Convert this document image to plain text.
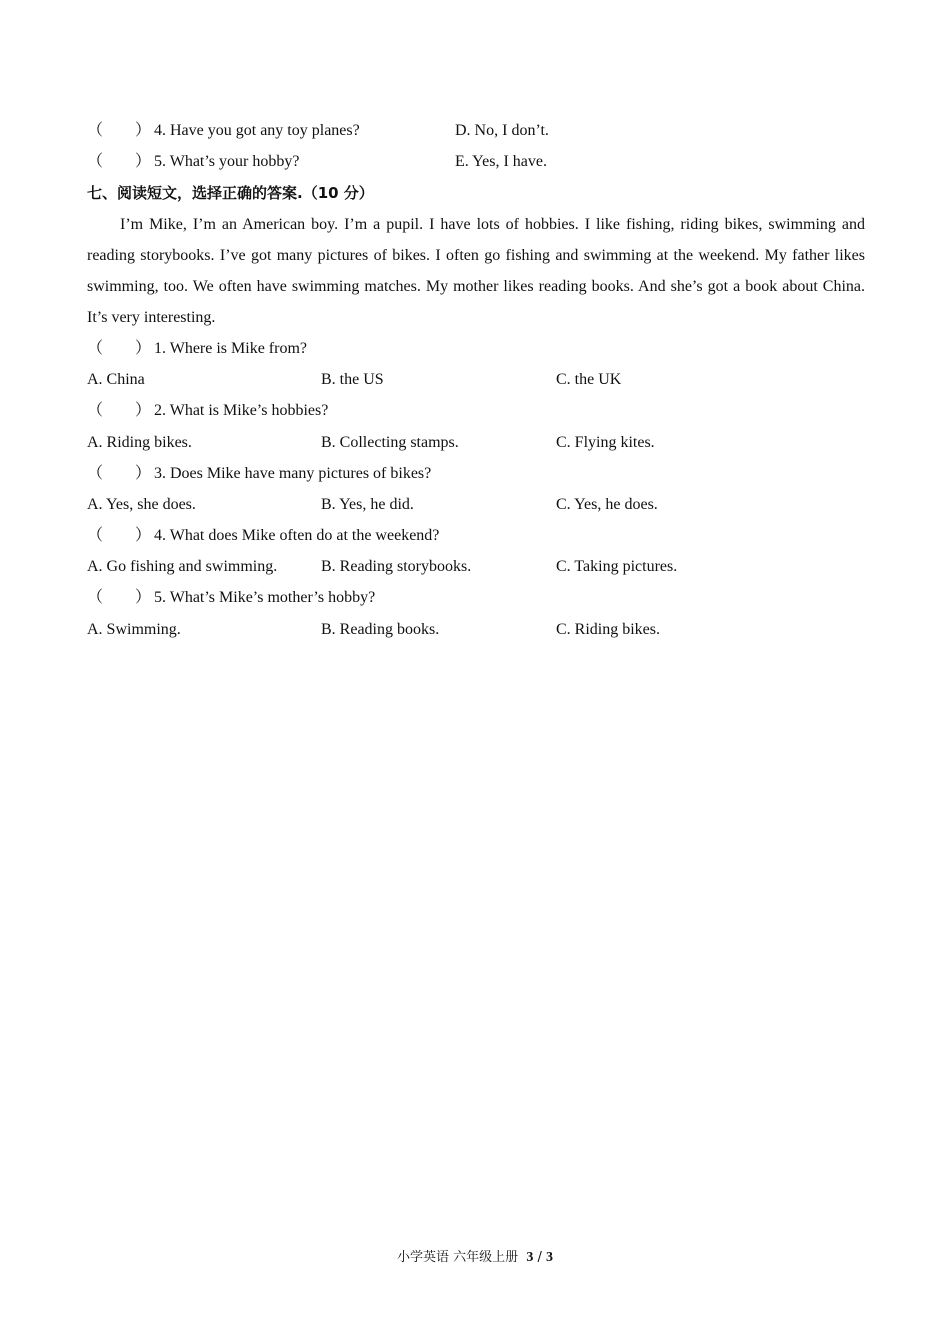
（　　） 4. Have you got any toy planes?	D. No, I don’t.
（　　） 5. What’s your hobby?	E. Yes, I have.
七、阅读短文，选择正确的答案.（10 分）
I’m Mike, I’m an American boy. I’m a pupil. I have lots of hobbies. I like fishing, riding bikes, swimming and reading storybooks. I’ve got many pictures of bikes. I often go fishing and swimming at the weekend. My father likes swimming, too. We often have swimming matches. My mother likes reading books. And she’s got a book about China. It’s very interesting.
（　　） 1. Where is Mike from?
A. China	B. the US	C. the UK
（　　） 2. What is Mike’s hobbies?
A. Riding bikes.	B. Collecting stamps.	C. Flying kites.
（　　） 3. Does Mike have many pictures of bikes?
A. Yes, she does.	B. Yes, he did.	C. Yes, he does.
（　　） 4. What does Mike often do at the weekend?
A. Go fishing and swimming.	B. Reading storybooks.	C. Taking pictures.
（　　） 5. What’s Mike’s mother’s hobby?
A. Swimming.	B. Reading books.	C. Riding bikes.
小学英语 六年级上册 3 / 3
